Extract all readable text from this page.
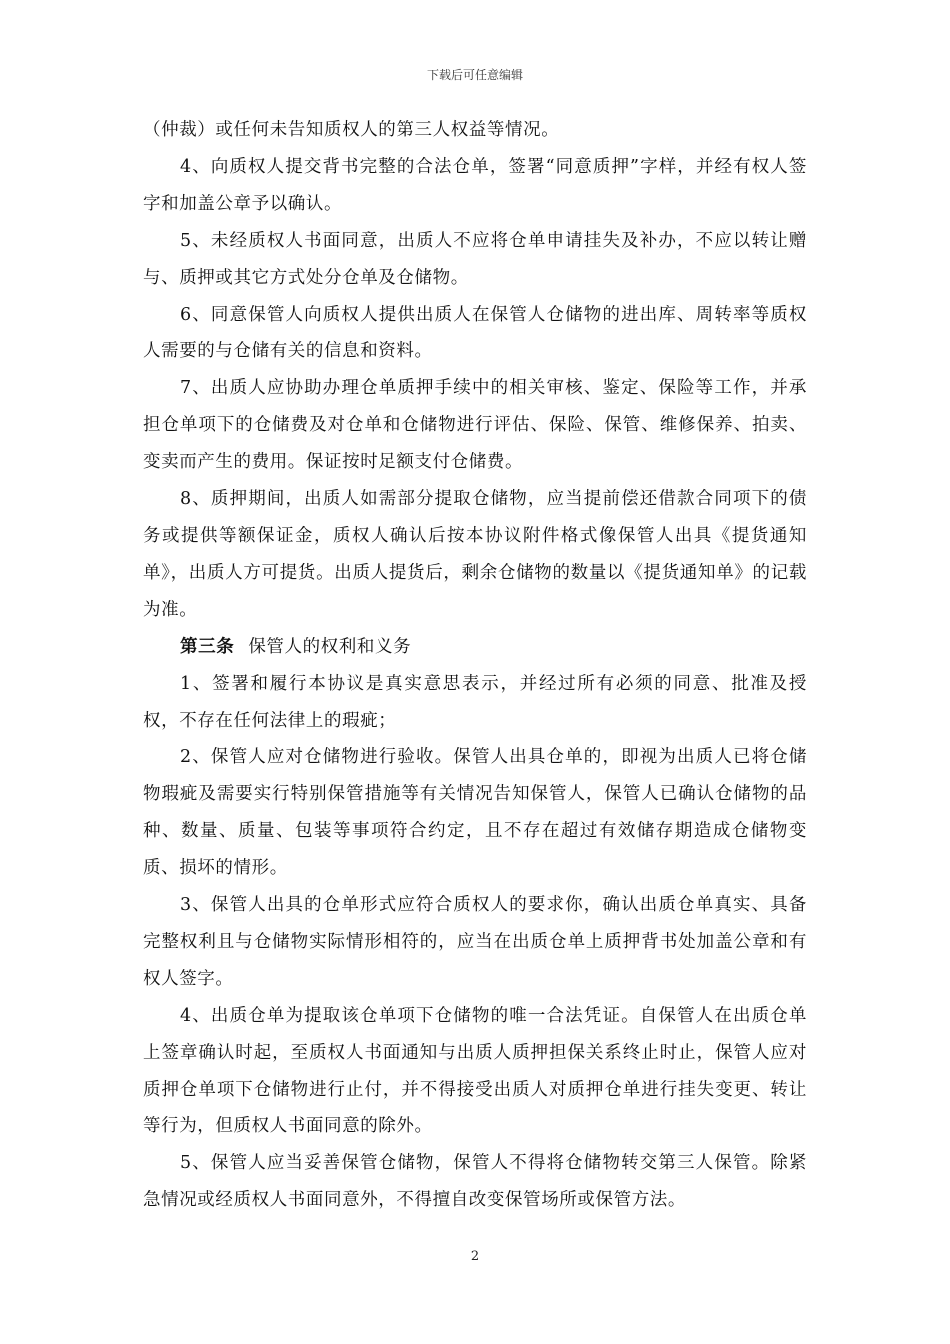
下载后可任意编辑

（仲裁）或任何未告知质权人的第三人权益等情况。

4、向质权人提交背书完整的合法仓单，签署“同意质押”字样，并经有权人签字和加盖公章予以确认。

5、未经质权人书面同意，出质人不应将仓单申请挂失及补办，不应以转让赠与、质押或其它方式处分仓单及仓储物。

6、同意保管人向质权人提供出质人在保管人仓储物的进出库、周转率等质权人需要的与仓储有关的信息和资料。

7、出质人应协助办理仓单质押手续中的相关审核、鉴定、保险等工作，并承担仓单项下的仓储费及对仓单和仓储物进行评估、保险、保管、维修保养、拍卖、变卖而产生的费用。保证按时足额支付仓储费。

8、质押期间，出质人如需部分提取仓储物，应当提前偿还借款合同项下的债务或提供等额保证金，质权人确认后按本协议附件格式像保管人出具《提货通知单》，出质人方可提货。出质人提货后，剩余仓储物的数量以《提货通知单》的记载为准。

第三条 保管人的权利和义务

1、签署和履行本协议是真实意思表示，并经过所有必须的同意、批准及授权，不存在任何法律上的瑕疵；

2、保管人应对仓储物进行验收。保管人出具仓单的，即视为出质人已将仓储物瑕疵及需要实行特别保管措施等有关情况告知保管人，保管人已确认仓储物的品种、数量、质量、包装等事项符合约定，且不存在超过有效储存期造成仓储物变质、损坏的情形。

3、保管人出具的仓单形式应符合质权人的要求你，确认出质仓单真实、具备完整权利且与仓储物实际情形相符的，应当在出质仓单上质押背书处加盖公章和有权人签字。

4、出质仓单为提取该仓单项下仓储物的唯一合法凭证。自保管人在出质仓单上签章确认时起，至质权人书面通知与出质人质押担保关系终止时止，保管人应对质押仓单项下仓储物进行止付，并不得接受出质人对质押仓单进行挂失变更、转让等行为，但质权人书面同意的除外。

5、保管人应当妥善保管仓储物，保管人不得将仓储物转交第三人保管。除紧急情况或经质权人书面同意外，不得擅自改变保管场所或保管方法。

2
